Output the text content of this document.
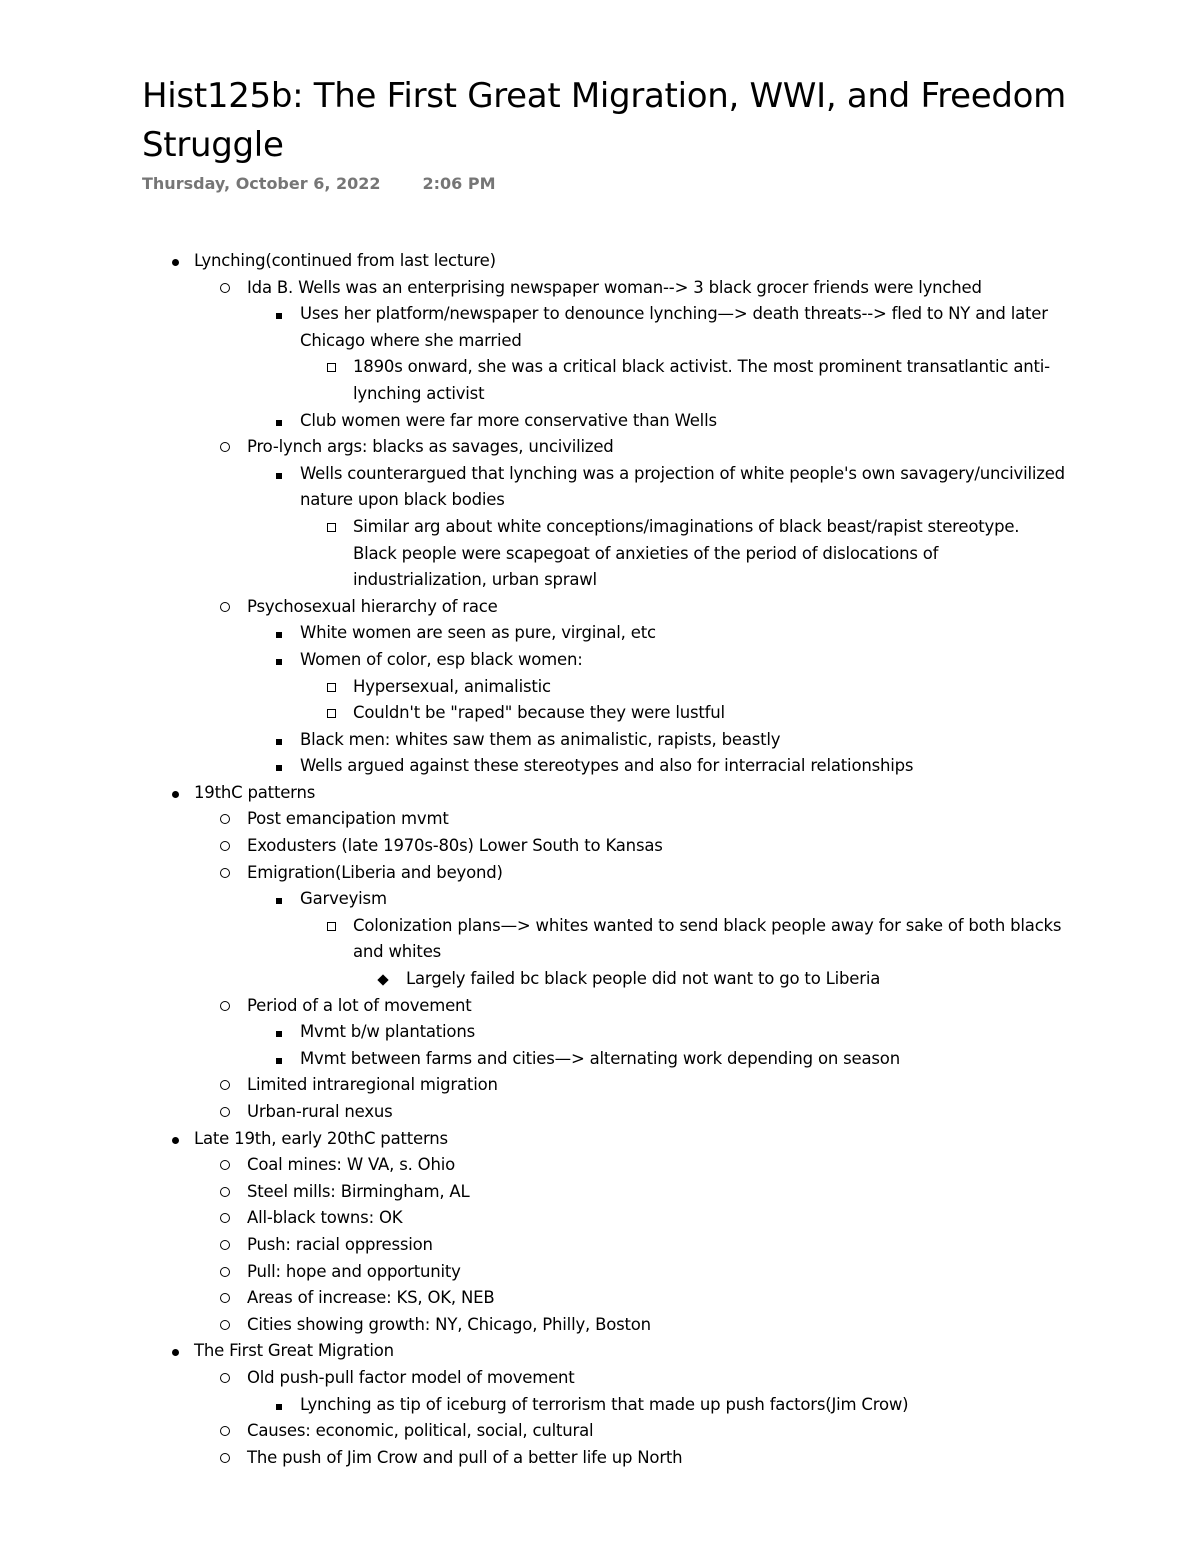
Hist125b: The First Great Migration, WWI, and Freedom Struggle
Thursday, October 6, 2022	2:06 PM
Lynching(continued from last lecture)
Ida B. Wells was an enterprising newspaper woman--> 3 black grocer friends were lynched
Uses her platform/newspaper to denounce lynching—> death threats--> fled to NY and later Chicago where she married
1890s onward, she was a critical black activist. The most prominent transatlantic anti-lynching activist
Club women were far more conservative than Wells
Pro-lynch args: blacks as savages, uncivilized
Wells counterargued that lynching was a projection of white people's own savagery/uncivilized nature upon black bodies
Similar arg about white conceptions/imaginations of black beast/rapist stereotype. Black people were scapegoat of anxieties of the period of dislocations of industrialization, urban sprawl
Psychosexual hierarchy of race
White women are seen as pure, virginal, etc
Women of color, esp black women:
Hypersexual, animalistic
Couldn't be "raped" because they were lustful
Black men: whites saw them as animalistic, rapists, beastly
Wells argued against these stereotypes and also for interracial relationships
19thC patterns
Post emancipation mvmt
Exodusters (late 1970s-80s) Lower South to Kansas
Emigration(Liberia and beyond)
Garveyism
Colonization plans—> whites wanted to send black people away for sake of both blacks and whites
Largely failed bc black people did not want to go to Liberia
Period of a lot of movement
Mvmt b/w plantations
Mvmt between farms and cities—> alternating work depending on season
Limited intraregional migration
Urban-rural nexus
Late 19th, early 20thC patterns
Coal mines: W VA, s. Ohio
Steel mills: Birmingham, AL
All-black towns: OK
Push: racial oppression
Pull: hope and opportunity
Areas of increase: KS, OK, NEB
Cities showing growth: NY, Chicago, Philly, Boston
The First Great Migration
Old push-pull factor model of movement
Lynching as tip of iceburg of terrorism that made up push factors(Jim Crow)
Causes: economic, political, social, cultural
The push of Jim Crow and pull of a better life up North
